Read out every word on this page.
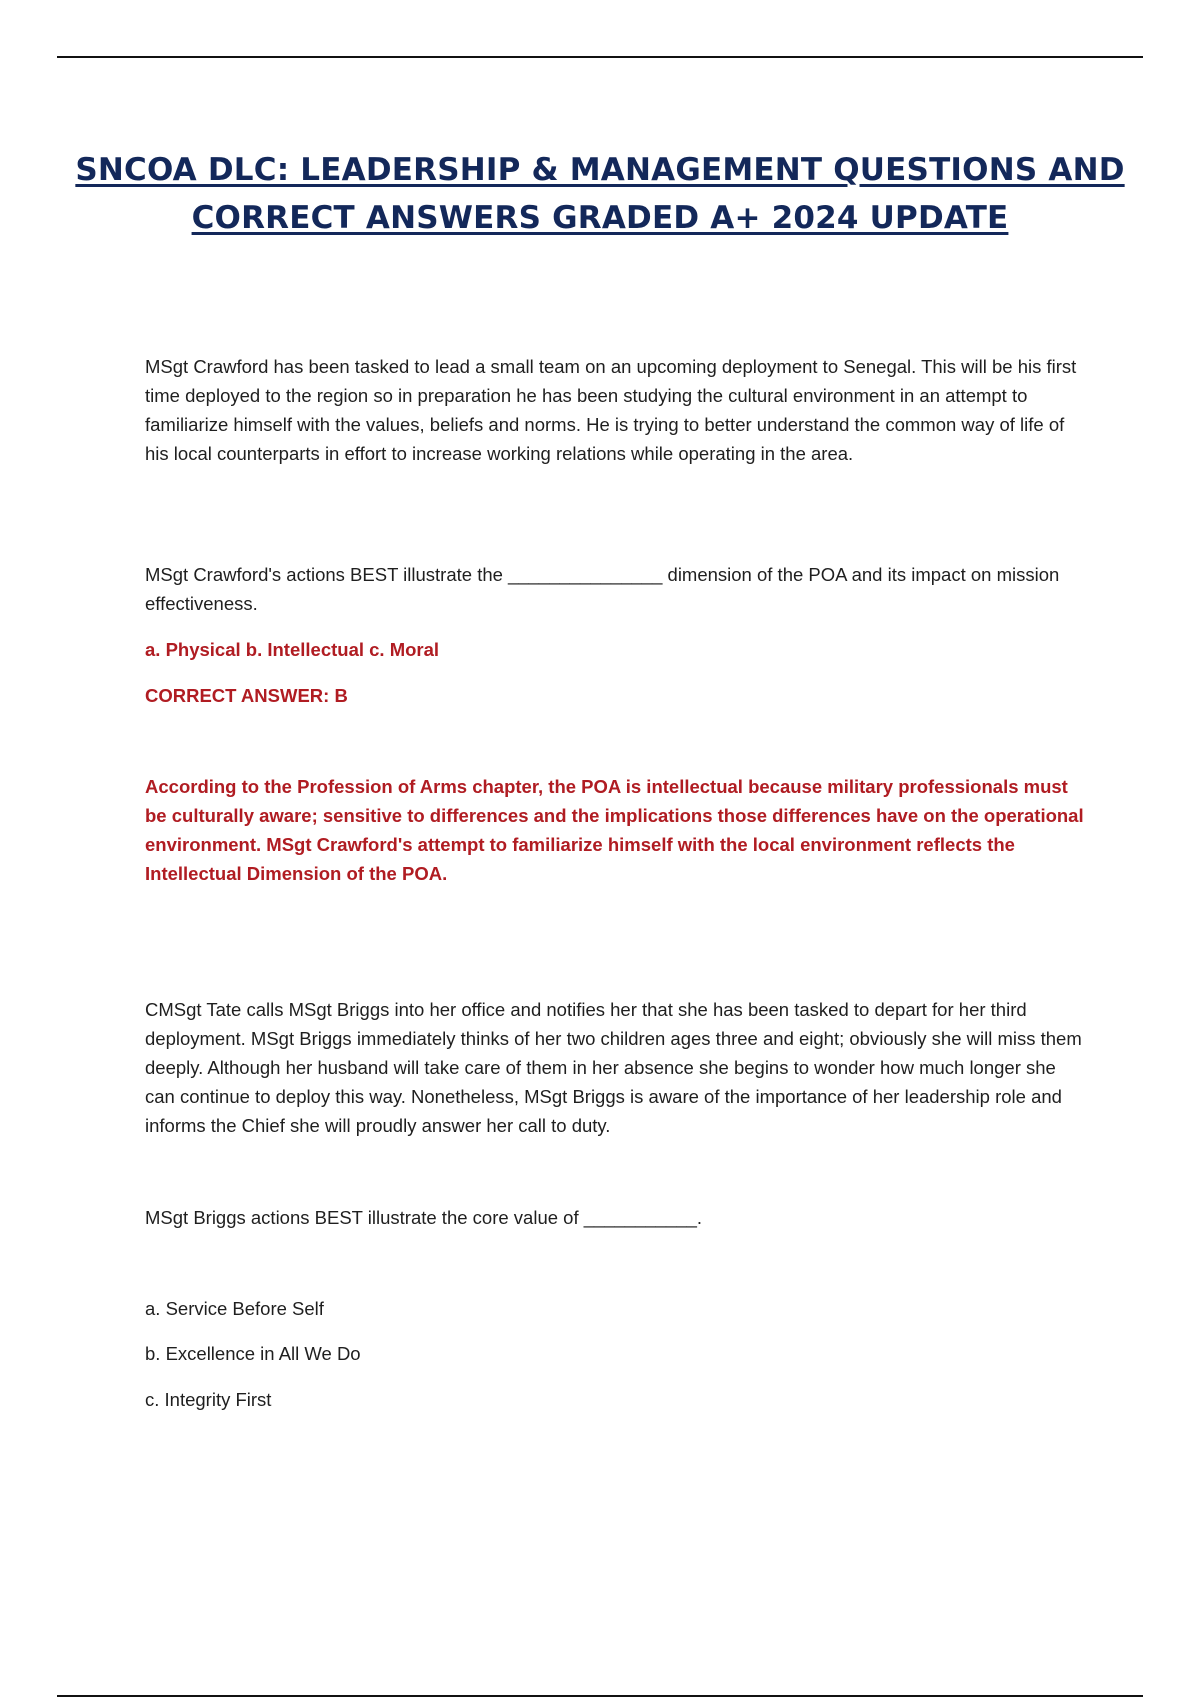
SNCOA DLC: LEADERSHIP & MANAGEMENT QUESTIONS AND CORRECT ANSWERS GRADED A+ 2024 UPDATE

MSgt Crawford has been tasked to lead a small team on an upcoming deployment to Senegal. This will be his first time deployed to the region so in preparation he has been studying the cultural environment in an attempt to familiarize himself with the values, beliefs and norms. He is trying to better understand the common way of life of his local counterparts in effort to increase working relations while operating in the area.

MSgt Crawford's actions BEST illustrate the _______________ dimension of the POA and its impact on mission effectiveness.

a. Physical b. Intellectual c. Moral

CORRECT ANSWER: B

According to the Profession of Arms chapter, the POA is intellectual because military professionals must be culturally aware; sensitive to differences and the implications those differences have on the operational environment. MSgt Crawford's attempt to familiarize himself with the local environment reflects the Intellectual Dimension of the POA.

CMSgt Tate calls MSgt Briggs into her office and notifies her that she has been tasked to depart for her third deployment. MSgt Briggs immediately thinks of her two children ages three and eight; obviously she will miss them deeply. Although her husband will take care of them in her absence she begins to wonder how much longer she can continue to deploy this way. Nonetheless, MSgt Briggs is aware of the importance of her leadership role and informs the Chief she will proudly answer her call to duty.

MSgt Briggs actions BEST illustrate the core value of ___________.

a. Service Before Self

b. Excellence in All We Do

c. Integrity First
